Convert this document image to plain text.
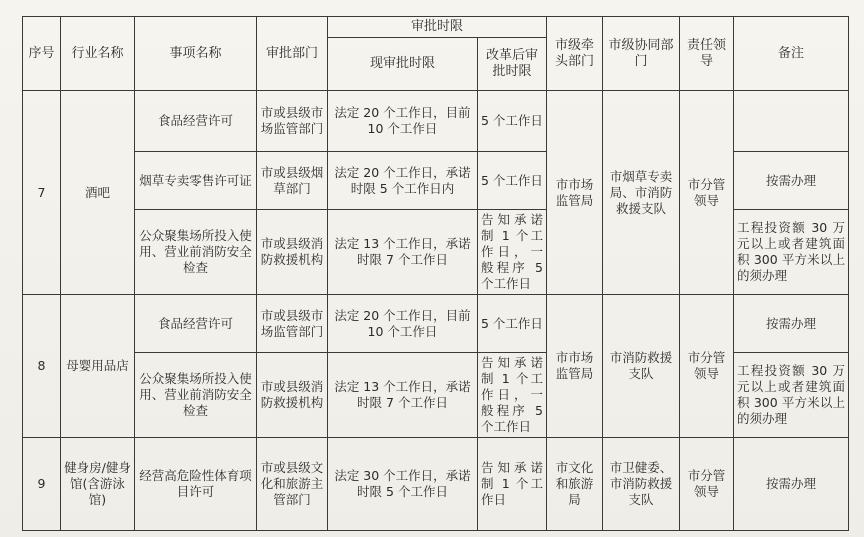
序号	行业名称	事项名称	审批部门	审批时限		市级牵头部门	市级协同部门	责任领导	备注
				现审批时限	改革后审批时限				
7	酒吧	食品经营许可	市或县级市场监管部门	法定 20 个工作日，目前 10 个工作日	5 个工作日	市市场监管局	市烟草专卖局、市消防救援支队	市分管领导	
		烟草专卖零售许可证	市或县级烟草部门	法定 20 个工作日，承诺时限 5 个工作日内	5 个工作日				按需办理
		公众聚集场所投入使用、营业前消防安全检查	市或县级消防救援机构	法定 13 个工作日，承诺时限 7 个工作日	告知承诺制 1 个工作日，一般程序 5 个工作日				工程投资额 30 万元以上或者建筑面积 300 平方米以上的须办理
8	母婴用品店	食品经营许可	市或县级市场监管部门	法定 20 个工作日，目前 10 个工作日	5 个工作日	市市场监管局	市消防救援支队	市分管领导	按需办理
		公众聚集场所投入使用、营业前消防安全检查	市或县级消防救援机构	法定 13 个工作日，承诺时限 7 个工作日	告知承诺制 1 个工作日，一般程序 5 个工作日				工程投资额 30 万元以上或者建筑面积 300 平方米以上的须办理
9	健身房/健身馆(含游泳馆)	经营高危险性体育项目许可	市或县级文化和旅游主管部门	法定 30 个工作日，承诺时限 5 个工作日	告知承诺制 1 个工作日	市文化和旅游局	市卫健委、市消防救援支队	市分管领导	按需办理
